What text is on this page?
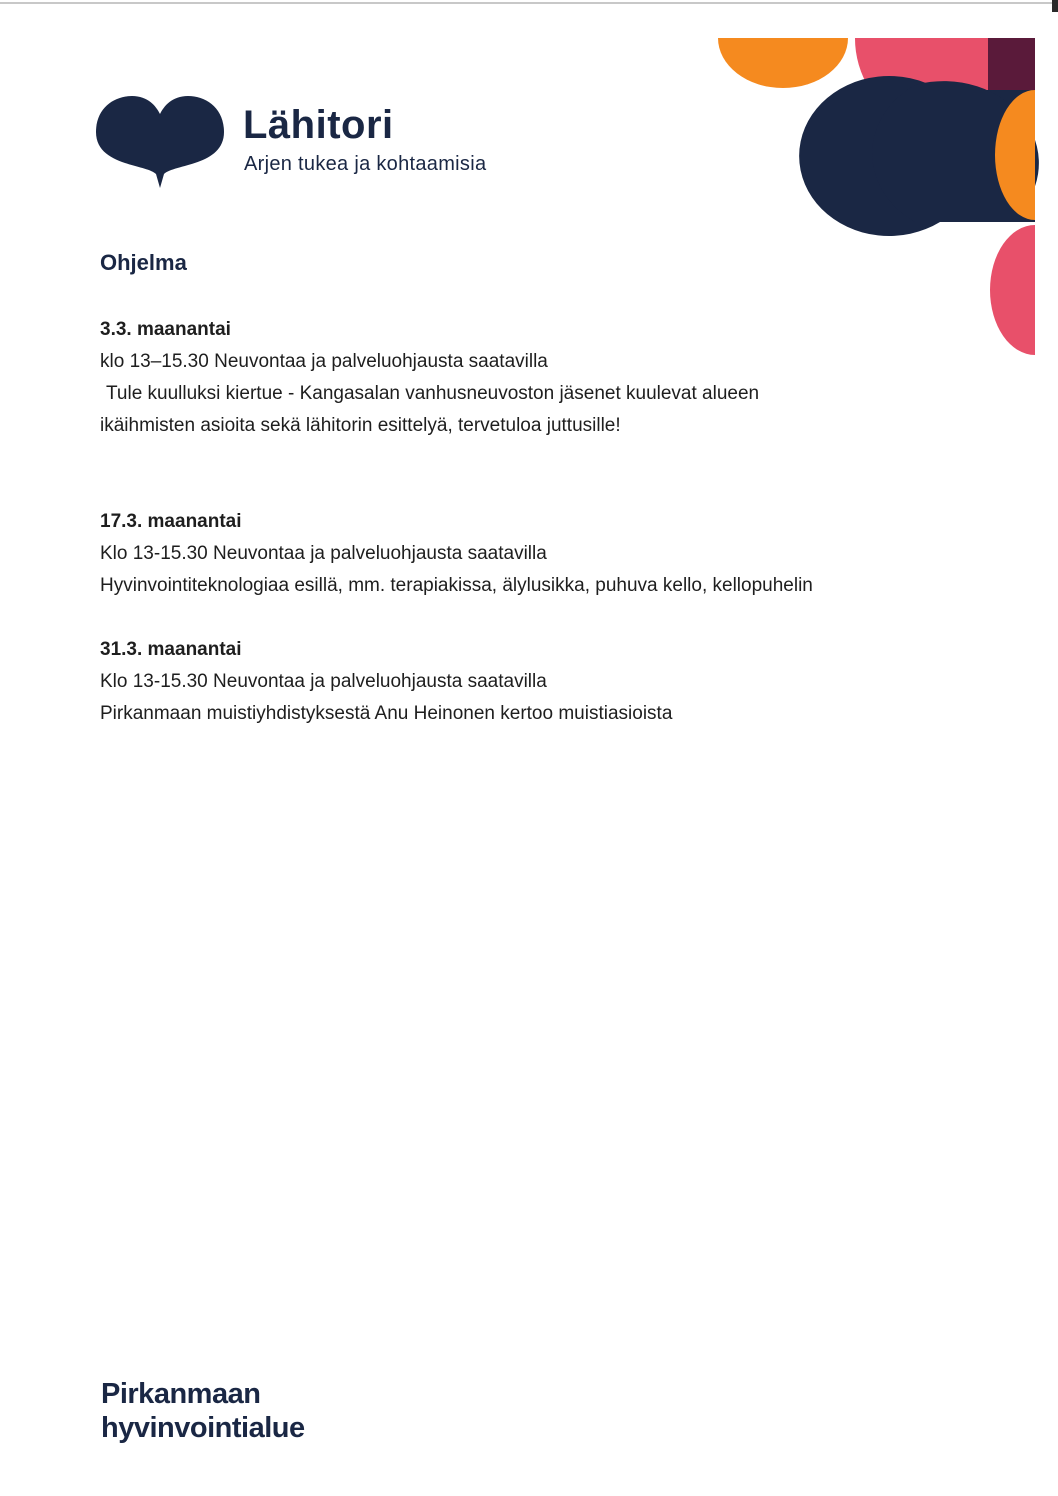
Lähitori
Arjen tukea ja kohtaamisia
Ohjelma
3.3. maanantai
klo 13–15.30 Neuvontaa ja palveluohjausta saatavilla
Tule kuulluksi kiertue - Kangasalan vanhusneuvoston jäsenet kuulevat alueen
ikäihmisten asioita sekä lähitorin esittelyä, tervetuloa juttusille!
17.3. maanantai
Klo 13-15.30 Neuvontaa ja palveluohjausta saatavilla
Hyvinvointiteknologiaa esillä, mm. terapiakissa, älylusikka, puhuva kello, kellopuhelin
31.3. maanantai
Klo 13-15.30 Neuvontaa ja palveluohjausta saatavilla
Pirkanmaan muistiyhdistyksestä Anu Heinonen kertoo muistiasioista
Pirkanmaan
hyvinvointialue
